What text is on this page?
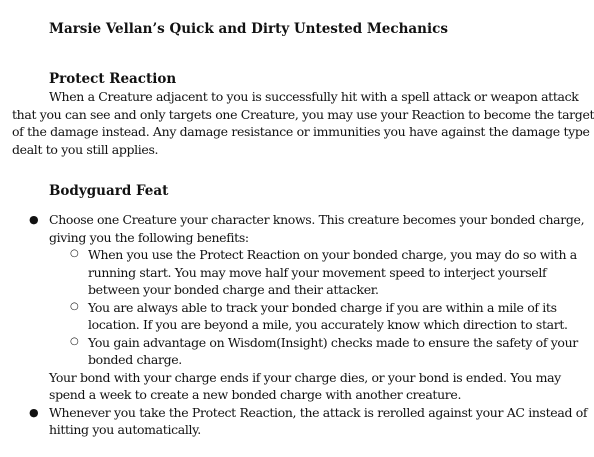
Marsie Vellan’s Quick and Dirty Untested Mechanics
Protect Reaction
When a Creature adjacent to you is successfully hit with a spell attack or weapon attack
that you can see and only targets one Creature, you may use your Reaction to become the target
of the damage instead. Any damage resistance or immunities you have against the damage type
dealt to you still applies.
Bodyguard Feat
● Choose one Creature your character knows. This creature becomes your bonded charge,
giving you the following benefits:
○ When you use the Protect Reaction on your bonded charge, you may do so with a
running start. You may move half your movement speed to interject yourself
between your bonded charge and their attacker.
○ You are always able to track your bonded charge if you are within a mile of its
location. If you are beyond a mile, you accurately know which direction to start.
○ You gain advantage on Wisdom(Insight) checks made to ensure the safety of your
bonded charge.
Your bond with your charge ends if your charge dies, or your bond is ended. You may
spend a week to create a new bonded charge with another creature.
● Whenever you take the Protect Reaction, the attack is rerolled against your AC instead of
hitting you automatically.
